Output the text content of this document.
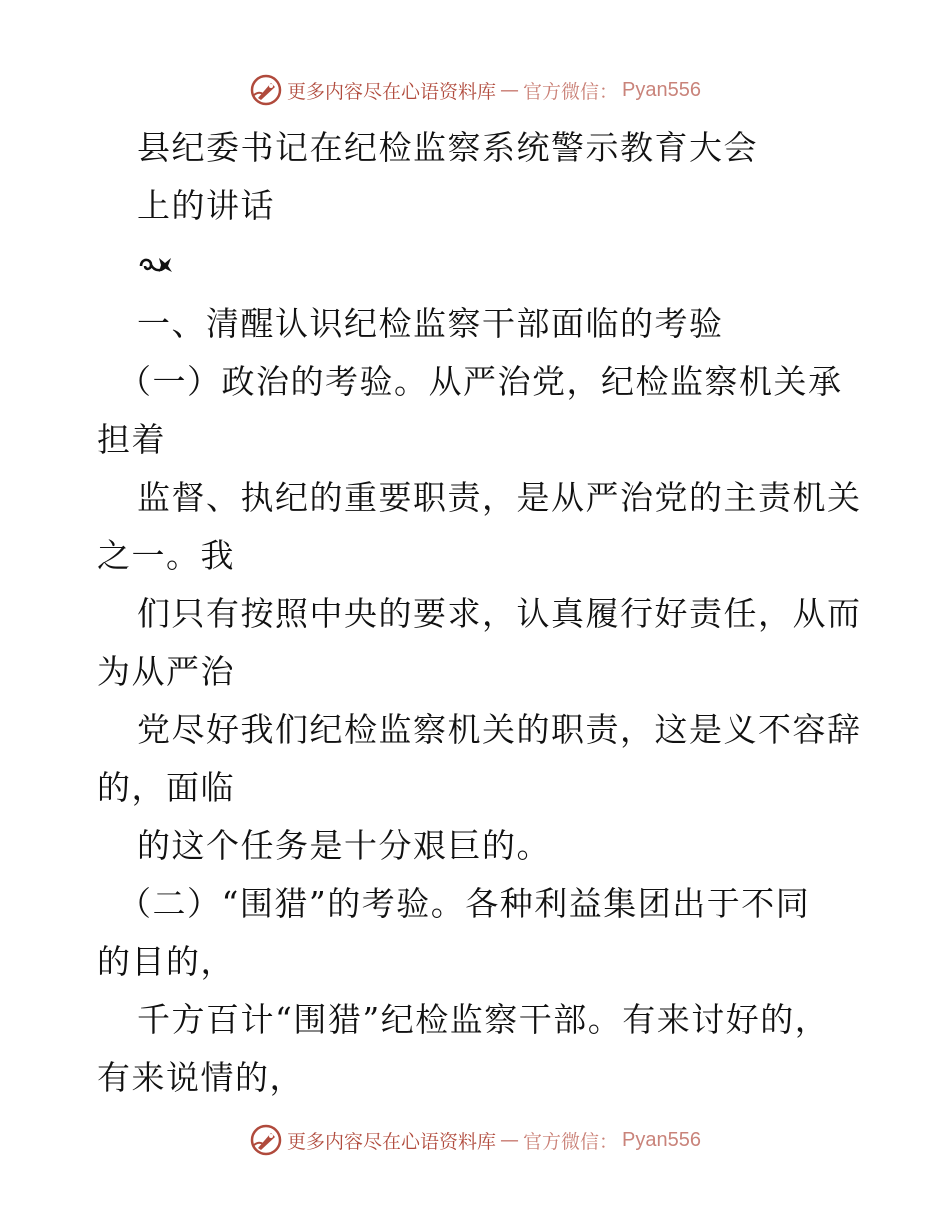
更多内容尽在心语资料库 — 官方微信： Pyan556
县纪委书记在纪检监察系统警示教育大会
上的讲话
一、清醒认识纪检监察干部面临的考验
（一）政治的考验。从严治党，纪检监察机关承
担着
监督、执纪的重要职责，是从严治党的主责机关
之一。我
们只有按照中央的要求，认真履行好责任，从而
为从严治
党尽好我们纪检监察机关的职责，这是义不容辞
的，面临
的这个任务是十分艰巨的。
（二）“围猎”的考验。各种利益集团出于不同
的目的，
千方百计“围猎”纪检监察干部。有来讨好的，
有来说情的，
更多内容尽在心语资料库 — 官方微信： Pyan556
